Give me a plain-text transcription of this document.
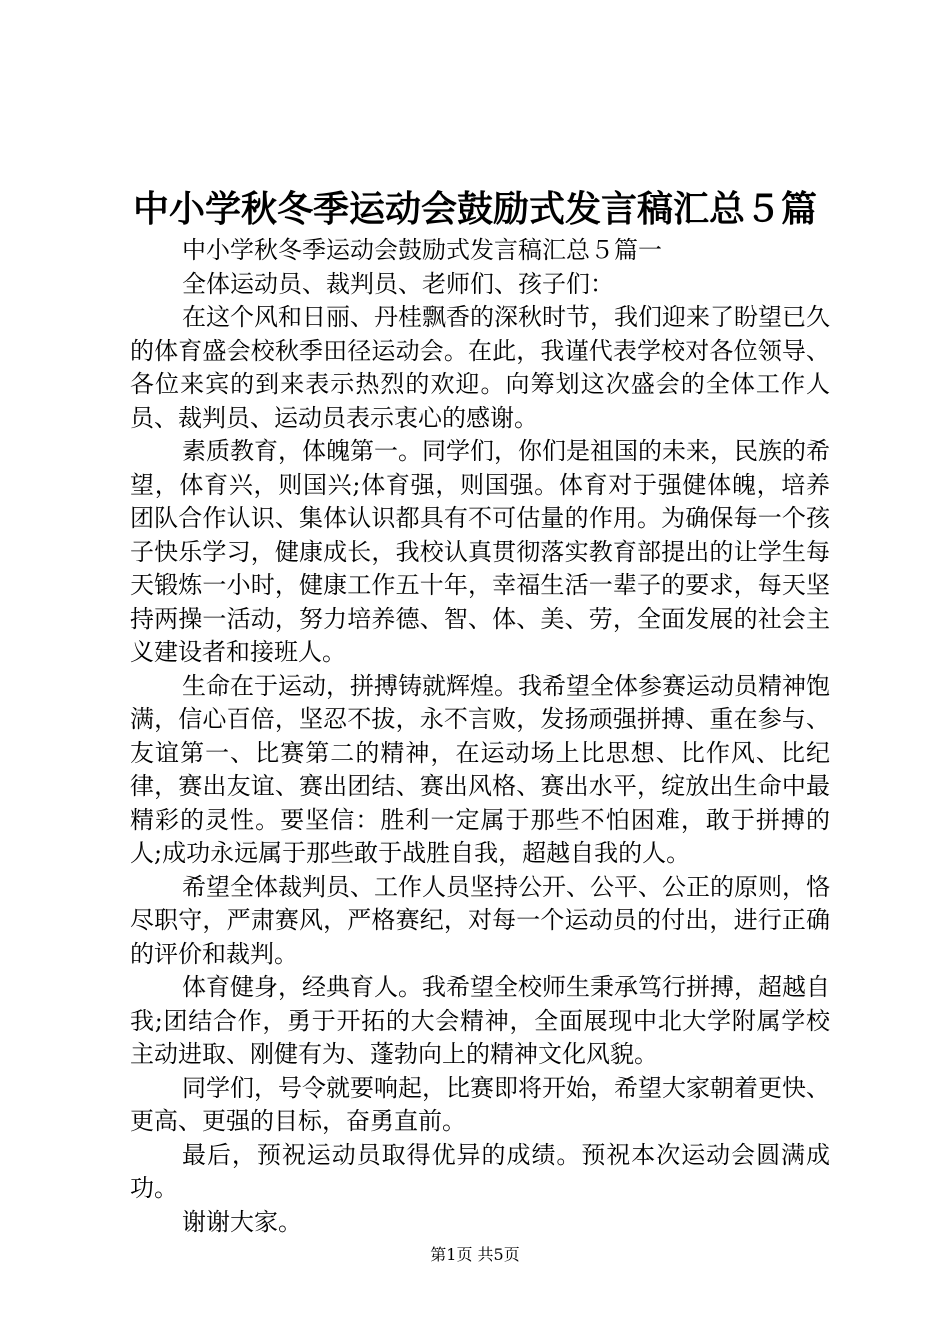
中小学秋冬季运动会鼓励式发言稿汇总５篇

中小学秋冬季运动会鼓励式发言稿汇总５篇一

全体运动员、裁判员、老师们、孩子们：

在这个风和日丽、丹桂飘香的深秋时节，我们迎来了盼望已久的体育盛会校秋季田径运动会。在此，我谨代表学校对各位领导、各位来宾的到来表示热烈的欢迎。向筹划这次盛会的全体工作人员、裁判员、运动员表示衷心的感谢。

素质教育，体魄第一。同学们，你们是祖国的未来，民族的希望，体育兴，则国兴;体育强，则国强。体育对于强健体魄，培养团队合作认识、集体认识都具有不可估量的作用。为确保每一个孩子快乐学习，健康成长，我校认真贯彻落实教育部提出的让学生每天锻炼一小时，健康工作五十年，幸福生活一辈子的要求，每天坚持两操一活动，努力培养德、智、体、美、劳，全面发展的社会主义建设者和接班人。

生命在于运动，拼搏铸就辉煌。我希望全体参赛运动员精神饱满，信心百倍，坚忍不拔，永不言败，发扬顽强拼搏、重在参与、友谊第一、比赛第二的精神，在运动场上比思想、比作风、比纪律，赛出友谊、赛出团结、赛出风格、赛出水平，绽放出生命中最精彩的灵性。要坚信：胜利一定属于那些不怕困难，敢于拼搏的人;成功永远属于那些敢于战胜自我，超越自我的人。

希望全体裁判员、工作人员坚持公开、公平、公正的原则，恪尽职守，严肃赛风，严格赛纪，对每一个运动员的付出，进行正确的评价和裁判。

体育健身，经典育人。我希望全校师生秉承笃行拼搏，超越自我;团结合作，勇于开拓的大会精神，全面展现中北大学附属学校主动进取、刚健有为、蓬勃向上的精神文化风貌。

同学们，号令就要响起，比赛即将开始，希望大家朝着更快、更高、更强的目标，奋勇直前。

最后，预祝运动员取得优异的成绩。预祝本次运动会圆满成功。

谢谢大家。

第1页 共5页
